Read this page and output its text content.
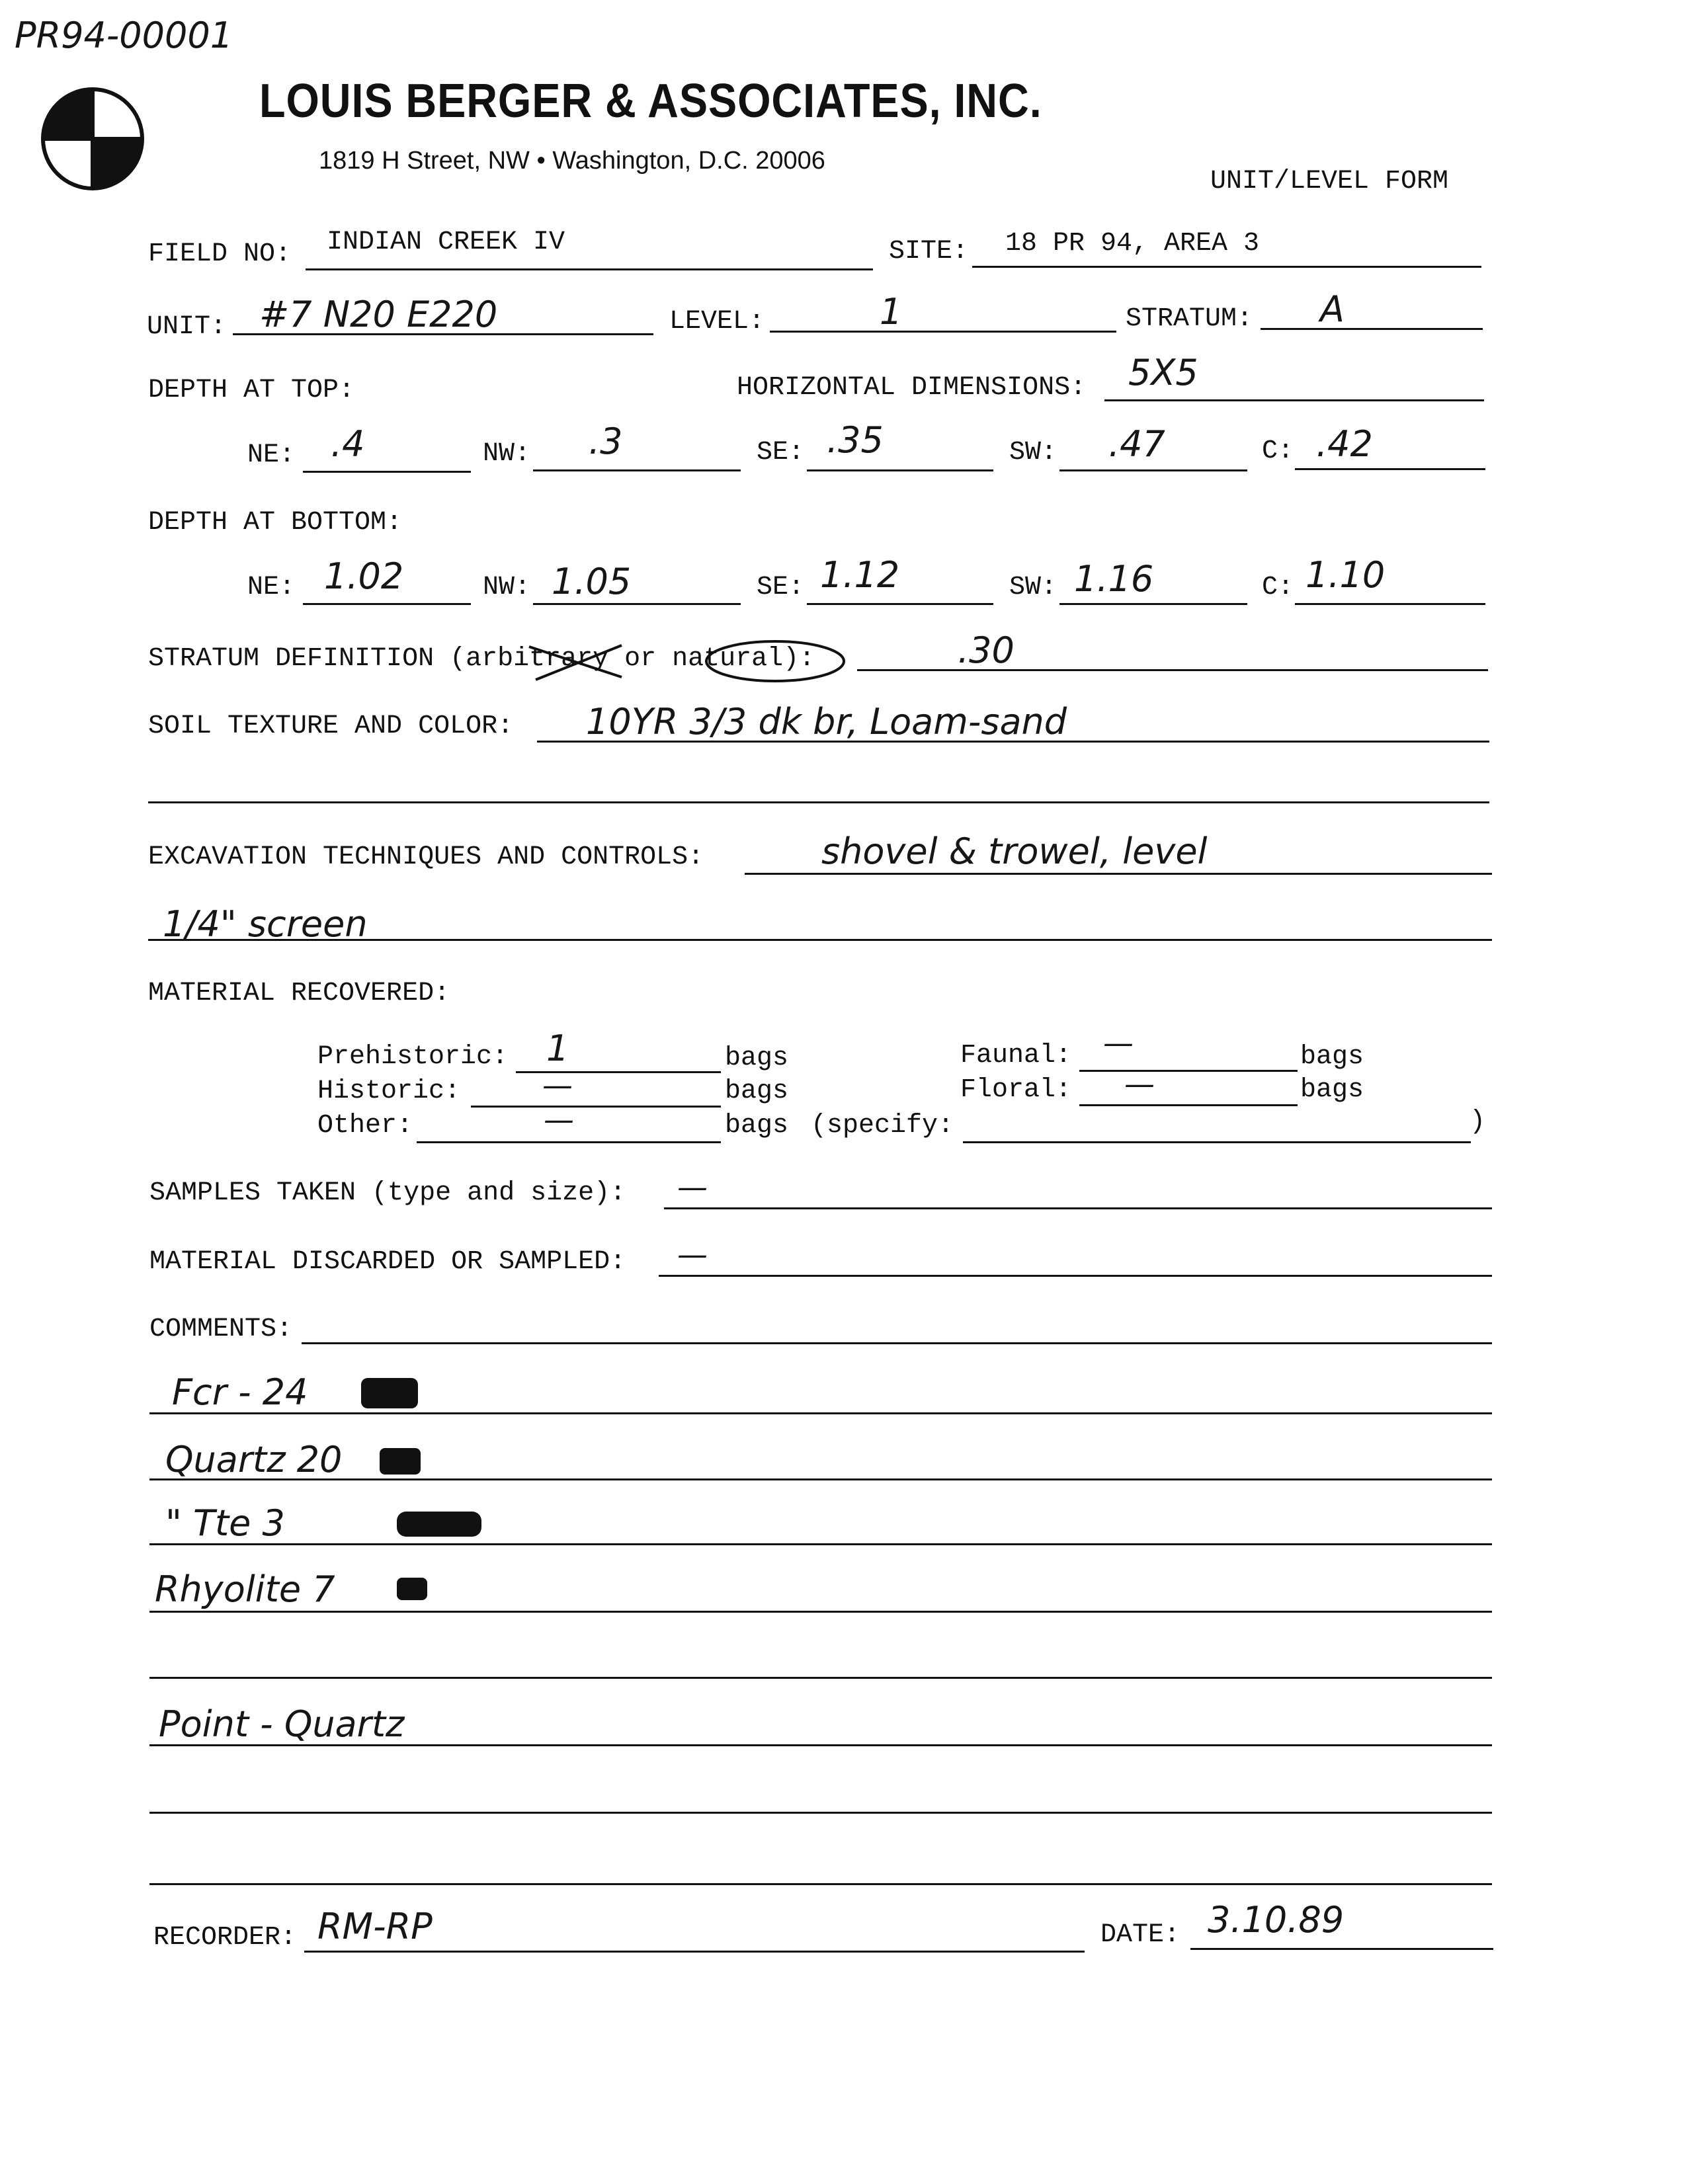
PR94-00001
LOUIS BERGER & ASSOCIATES, INC.
1819 H Street, NW • Washington, D.C. 20006
UNIT/LEVEL FORM
FIELD NO: INDIAN CREEK IV	SITE: 18 PR 94, AREA 3
UNIT: #7 N20 E220	LEVEL:	1	STRATUM: A
DEPTH AT TOP:	HORIZONTAL DIMENSIONS: 5X5
NE: .4	NW: .3	SE: .35	SW: .47	C: .42
DEPTH AT BOTTOM:
NE: 1.02	NW: 1.05	SE: 1.12	SW: 1.16	C: 1.10
STRATUM DEFINITION (arbitrary or natural):	.30
SOIL TEXTURE AND COLOR: 10YR 3/3 dk br, Loam-sand
EXCAVATION TECHNIQUES AND CONTROLS:	shovel & trowel, level
1/4" screen
MATERIAL RECOVERED:
Prehistoric: 1	bags
Historic:	—	bags
Other:	—	bags (specify:	)
Faunal: —	bags
Floral: —	bags
SAMPLES TAKEN (type and size): —
MATERIAL DISCARDED OR SAMPLED: —
COMMENTS:
Fcr - 24
Quartz 20
" Tte 3
Rhyolite 7
Point - Quartz
RECORDER: RM-RP	DATE: 3.10.89
